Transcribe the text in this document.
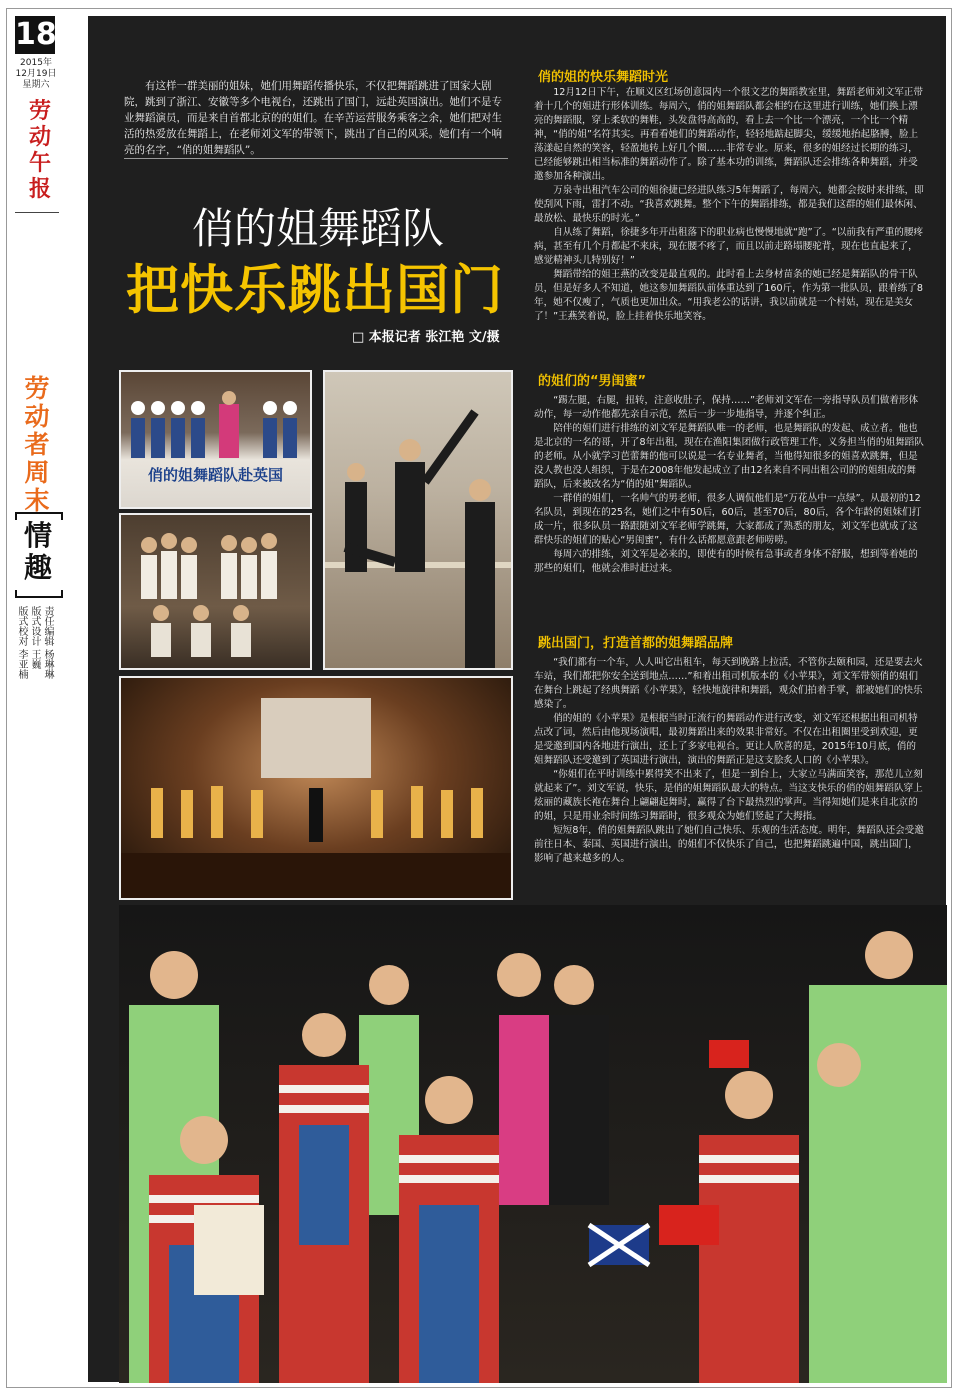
18
2015年
12月19日
星期六
劳动午报
劳动者周末
情趣
版式校对 李亚楠 版式设计 王巍 责任编辑 杨琳琳

有这样一群美丽的姐妹，她们用舞蹈传播快乐，不仅把舞蹈跳进了国家大剧院，跳到了浙江、安徽等多个电视台，还跳出了国门，远赴英国演出。她们不是专业舞蹈演员，而是来自首都北京的的姐们。在辛苦运营服务乘客之余，她们把对生活的热爱放在舞蹈上，在老师刘文军的带领下，跳出了自己的风采。她们有一个响亮的名字，“俏的姐舞蹈队”。

俏的姐舞蹈队
把快乐跳出国门
□ 本报记者 张江艳 文/摄
俏的姐舞蹈队赴英国
俏的姐的快乐舞蹈时光

12月12日下午，在顺义区红场创意园内一个很文艺的舞蹈教室里，舞蹈老师刘文军正带着十几个的姐进行形体训练。每周六，俏的姐舞蹈队都会相约在这里进行训练，她们换上漂亮的舞蹈服，穿上柔软的舞鞋，头发盘得高高的，看上去一个比一个漂亮，一个比一个精神，“俏的姐”名符其实。再看看她们的舞蹈动作，轻轻地踮起脚尖，缓缓地抬起胳膊，脸上荡漾起自然的笑容，轻盈地转上好几个圈……非常专业。原来，很多的姐经过长期的练习，已经能够跳出相当标准的舞蹈动作了。除了基本功的训练，舞蹈队还会排练各种舞蹈，并受邀参加各种演出。

万泉寺出租汽车公司的姐徐捷已经进队练习5年舞蹈了，每周六，她都会按时来排练，即使刮风下雨，雷打不动。“我喜欢跳舞。整个下午的舞蹈排练，都是我们这群的姐们最休闲、最放松、最快乐的时光。”

自从练了舞蹈，徐捷多年开出租落下的职业病也慢慢地就“跑”了。“以前我有严重的腰疼病，甚至有几个月都起不来床，现在腰不疼了，而且以前走路塌腰驼背，现在也直起来了，感觉精神头儿特别好！”

舞蹈带给的姐王燕的改变是最直观的。此时看上去身材苗条的她已经是舞蹈队的骨干队员，但是好多人不知道，她这参加舞蹈队前体重达到了160斤，作为第一批队员，跟着练了8年，她不仅瘦了，气质也更加出众。“用我老公的话讲，我以前就是一个村姑，现在是美女了！”王燕笑着说，脸上挂着快乐地笑容。

的姐们的“男闺蜜”

“踢左腿，右腿，扭转，注意收肚子，保持……”老师刘文军在一旁指导队员们做着形体动作，每一动作他都先亲自示范，然后一步一步地指导，并逐个纠正。

陪伴的姐们进行排练的刘文军是舞蹈队唯一的老师，也是舞蹈队的发起、成立者。他也是北京的一名的哥，开了8年出租，现在在渔阳集团做行政管理工作，义务担当俏的姐舞蹈队的老师。从小就学习芭蕾舞的他可以说是一名专业舞者，当他得知很多的姐喜欢跳舞，但是没人教也没人组织，于是在2008年他发起成立了由12名来自不同出租公司的的姐组成的舞蹈队，后来被改名为“俏的姐”舞蹈队。

一群俏的姐们，一名帅气的男老师，很多人调侃他们是“万花丛中一点绿”。从最初的12名队员，到现在的25名，她们之中有50后，60后，甚至70后，80后，各个年龄的姐妹们打成一片，很多队员一路跟随刘文军老师学跳舞，大家都成了熟悉的朋友，刘文军也就成了这群快乐的姐们的贴心“男闺蜜”，有什么话都愿意跟老师唠唠。

每周六的排练，刘文军是必来的，即使有的时候有急事或者身体不舒服，想到等着她的那些的姐们，他就会准时赶过来。

跳出国门，打造首都的姐舞蹈品牌

“我们都有一个车，人人叫它出租车，每天到晚路上拉活，不管你去颐和园，还是要去火车站，我们都把你安全送到地点……”和着出租司机版本的《小苹果》，刘文军带领俏的姐们在舞台上跳起了经典舞蹈《小苹果》，轻快地旋律和舞蹈，观众们拍着手掌，都被她们的快乐感染了。

俏的姐的《小苹果》是根据当时正流行的舞蹈动作进行改变，刘文军还根据出租司机特点改了词，然后由他现场演唱，最初舞蹈出来的效果非常好。不仅在出租圈里受到欢迎，更是受邀到国内各地进行演出，还上了多家电视台。更让人欣喜的是，2015年10月底，俏的姐舞蹈队还受邀到了英国进行演出，演出的舞蹈正是这支脍炙人口的《小苹果》。

“你姐们在平时训练中累得笑不出来了，但是一到台上，大家立马满面笑容，那范儿立刻就起来了”。刘文军说，快乐，是俏的姐舞蹈队最大的特点。当这支快乐的俏的姐舞蹈队穿上炫丽的藏族长袍在舞台上翩翩起舞时，赢得了台下最热烈的掌声。当得知她们是来自北京的的姐，只是用业余时间练习舞蹈时，很多观众为她们竖起了大拇指。

短短8年，俏的姐舞蹈队跳出了她们自己快乐、乐观的生活态度。明年，舞蹈队还会受邀前往日本、泰国、英国进行演出，的姐们不仅快乐了自己，也把舞蹈跳遍中国，跳出国门，影响了越来越多的人。
